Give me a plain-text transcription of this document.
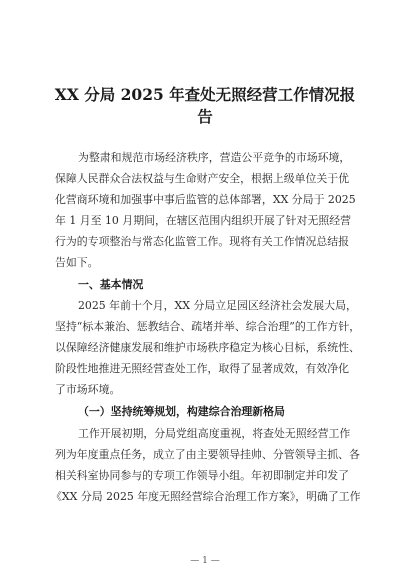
XX 分局 2025 年查处无照经营工作情况报
告
为整肃和规范市场经济秩序，营造公平竞争的市场环境，
保障人民群众合法权益与生命财产安全，根据上级单位关于优
化营商环境和加强事中事后监管的总体部署，XX 分局于 2025
年 1 月至 10 月期间，在辖区范围内组织开展了针对无照经营
行为的专项整治与常态化监管工作。现将有关工作情况总结报
告如下。
一、基本情况
2025 年前十个月，XX 分局立足园区经济社会发展大局，
坚持“标本兼治、惩教结合、疏堵并举、综合治理”的工作方针，
以保障经济健康发展和维护市场秩序稳定为核心目标，系统性、
阶段性地推进无照经营查处工作，取得了显著成效，有效净化
了市场环境。
（一）坚持统筹规划，构建综合治理新格局
工作开展初期，分局党组高度重视，将查处无照经营工作
列为年度重点任务，成立了由主要领导挂帅、分管领导主抓、各
相关科室协同参与的专项工作领导小组。年初即制定并印发了
《XX 分局 2025 年度无照经营综合治理工作方案》，明确了工作
— 1 —
